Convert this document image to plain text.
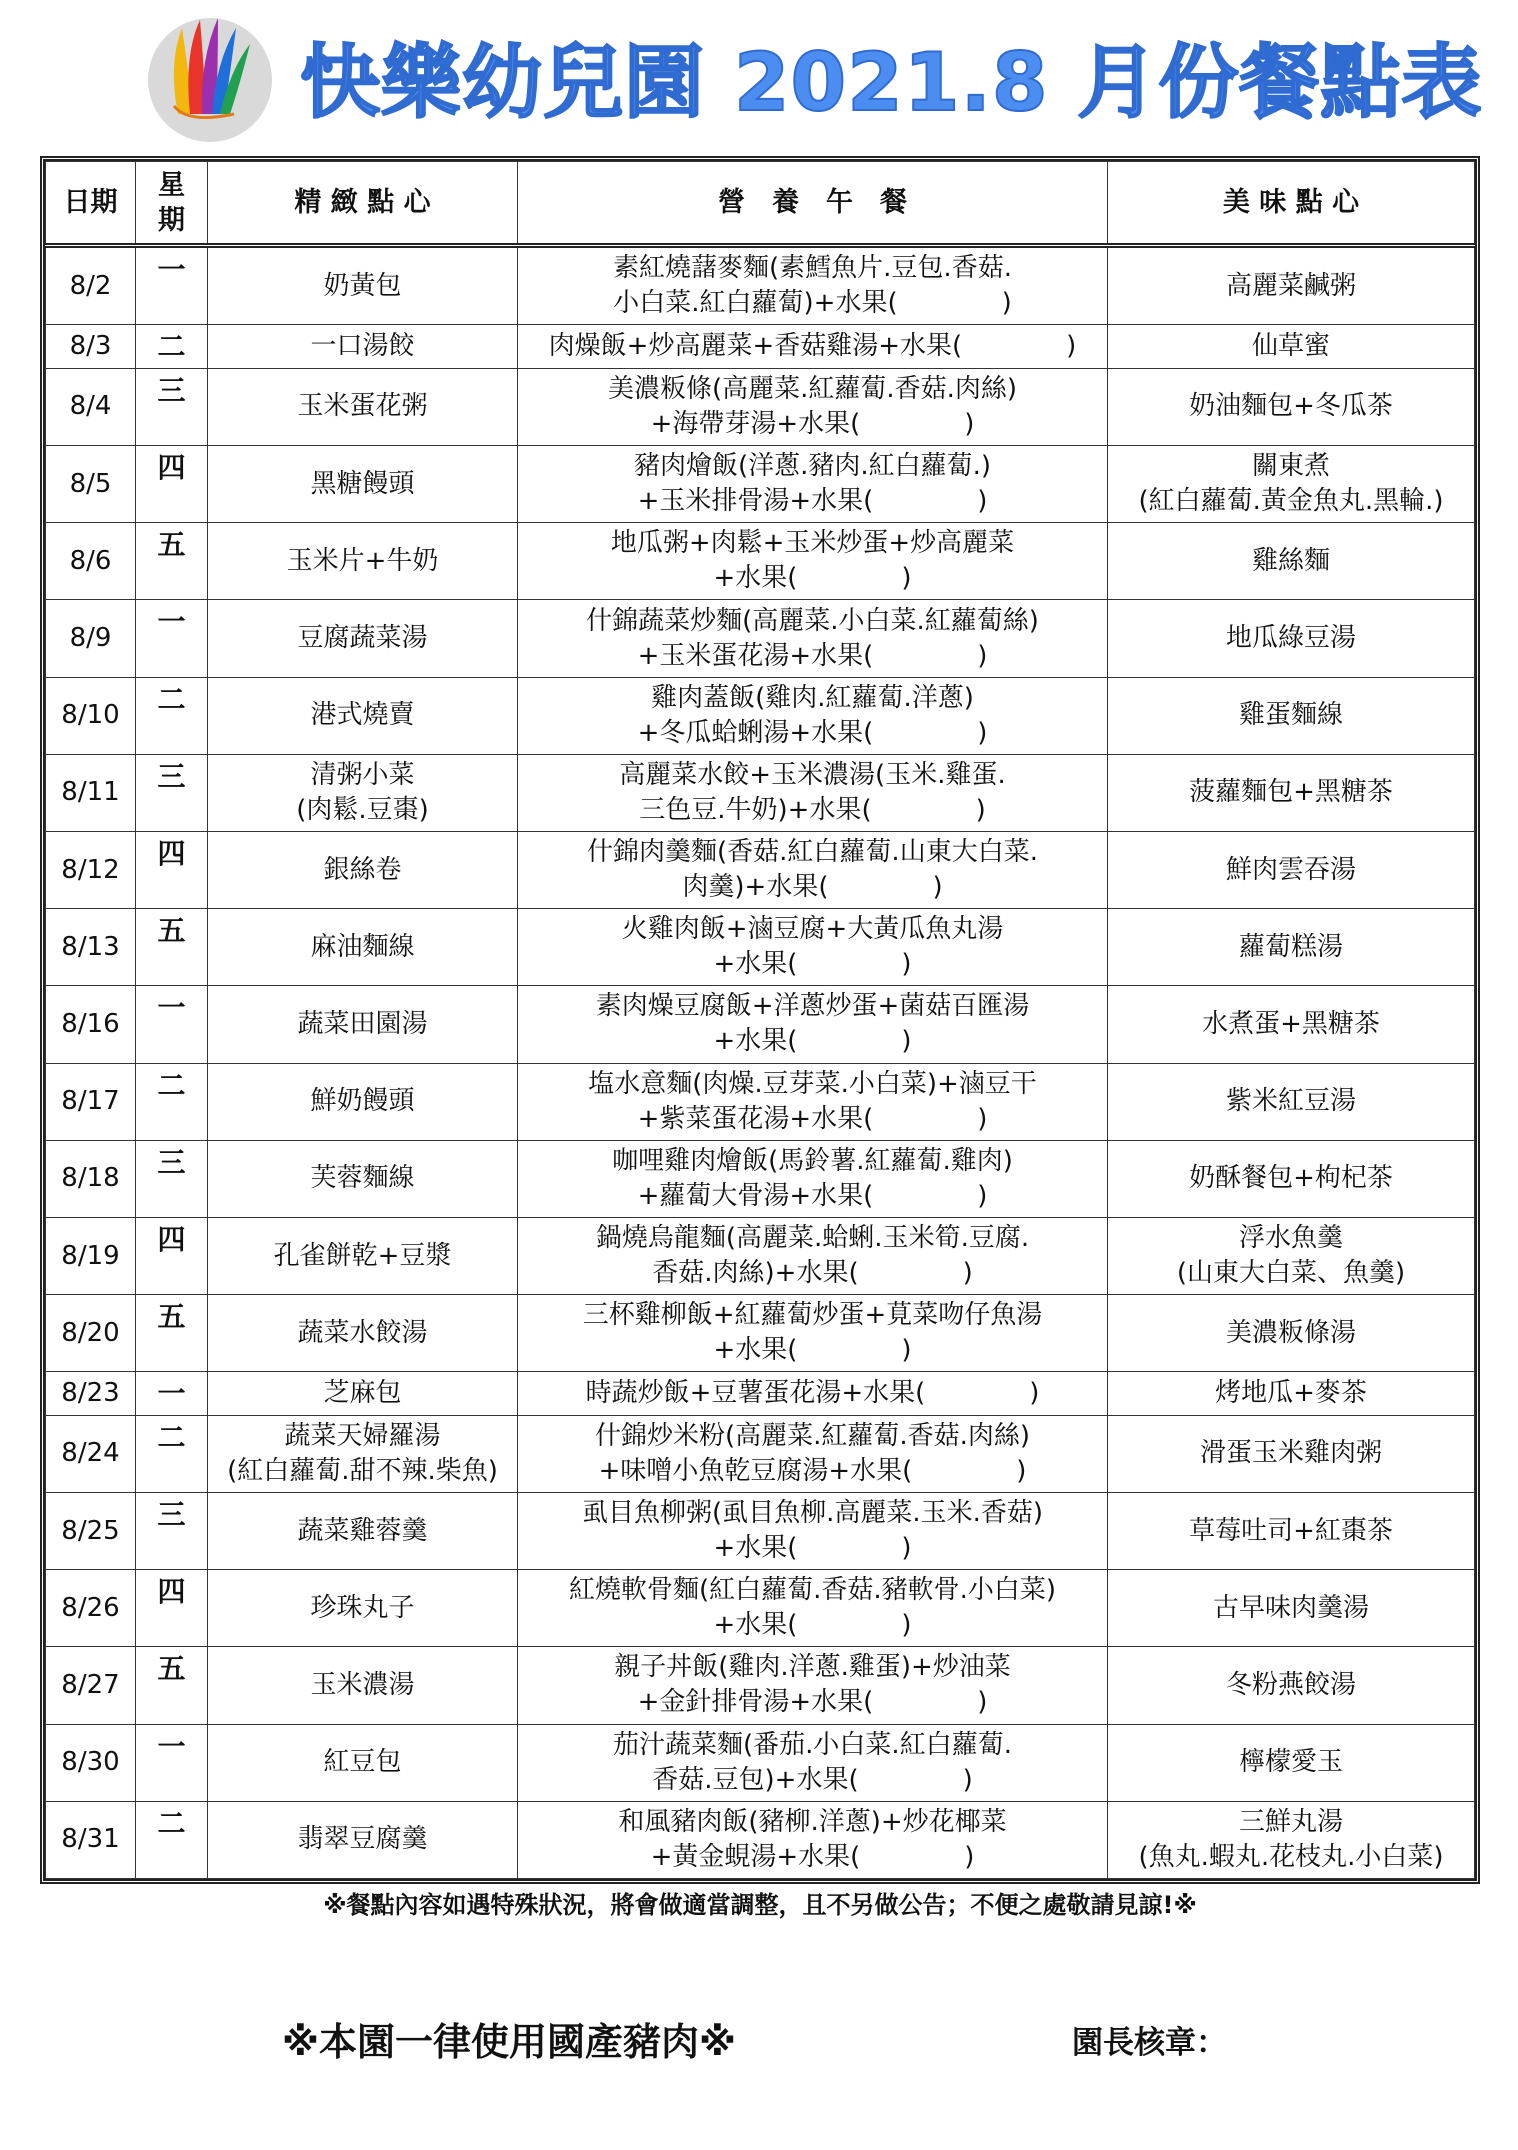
快樂幼兒園 2021.8 月份餐點表
日期	星
期	精 緻 點 心	營　養　午　餐	美 味 點 心
8/2	一	奶黃包	素紅燒藷麥麵(素鱈魚片.豆包.香菇.
小白菜.紅白蘿蔔)+水果(　　　　)	高麗菜鹹粥

8/3	二	一口湯餃	肉燥飯+炒高麗菜+香菇雞湯+水果(　　　　)	仙草蜜

8/4	三	玉米蛋花粥	美濃粄條(高麗菜.紅蘿蔔.香菇.肉絲)
+海帶芽湯+水果(　　　　)	奶油麵包+冬瓜茶

8/5	四	黑糖饅頭	豬肉燴飯(洋蔥.豬肉.紅白蘿蔔.)
+玉米排骨湯+水果(　　　　)	關東煮
(紅白蘿蔔.黃金魚丸.黑輪.)

8/6	五	玉米片+牛奶	地瓜粥+肉鬆+玉米炒蛋+炒高麗菜
+水果(　　　　)	雞絲麵

8/9	一	豆腐蔬菜湯	什錦蔬菜炒麵(高麗菜.小白菜.紅蘿蔔絲)
+玉米蛋花湯+水果(　　　　)	地瓜綠豆湯

8/10	二	港式燒賣	雞肉蓋飯(雞肉.紅蘿蔔.洋蔥)
+冬瓜蛤蜊湯+水果(　　　　)	雞蛋麵線

8/11	三	清粥小菜
(肉鬆.豆棗)	高麗菜水餃+玉米濃湯(玉米.雞蛋.
三色豆.牛奶)+水果(　　　　)	菠蘿麵包+黑糖茶

8/12	四	銀絲卷	什錦肉羹麵(香菇.紅白蘿蔔.山東大白菜.
肉羹)+水果(　　　　)	鮮肉雲吞湯

8/13	五	麻油麵線	火雞肉飯+滷豆腐+大黃瓜魚丸湯
+水果(　　　　)	蘿蔔糕湯

8/16	一	蔬菜田園湯	素肉燥豆腐飯+洋蔥炒蛋+菌菇百匯湯
+水果(　　　　)	水煮蛋+黑糖茶

8/17	二	鮮奶饅頭	塩水意麵(肉燥.豆芽菜.小白菜)+滷豆干
+紫菜蛋花湯+水果(　　　　)	紫米紅豆湯

8/18	三	芙蓉麵線	咖哩雞肉燴飯(馬鈴薯.紅蘿蔔.雞肉)
+蘿蔔大骨湯+水果(　　　　)	奶酥餐包+枸杞茶

8/19	四	孔雀餅乾+豆漿	鍋燒烏龍麵(高麗菜.蛤蜊.玉米筍.豆腐.
香菇.肉絲)+水果(　　　　)	浮水魚羹
(山東大白菜、魚羹)

8/20	五	蔬菜水餃湯	三杯雞柳飯+紅蘿蔔炒蛋+莧菜吻仔魚湯
+水果(　　　　)	美濃粄條湯

8/23	一	芝麻包	時蔬炒飯+豆薯蛋花湯+水果(　　　　)	烤地瓜+麥茶

8/24	二	蔬菜天婦羅湯
(紅白蘿蔔.甜不辣.柴魚)	什錦炒米粉(高麗菜.紅蘿蔔.香菇.肉絲)
+味噌小魚乾豆腐湯+水果(　　　　)	滑蛋玉米雞肉粥

8/25	三	蔬菜雞蓉羹	虱目魚柳粥(虱目魚柳.高麗菜.玉米.香菇)
+水果(　　　　)	草莓吐司+紅棗茶

8/26	四	珍珠丸子	紅燒軟骨麵(紅白蘿蔔.香菇.豬軟骨.小白菜)
+水果(　　　　)	古早味肉羹湯

8/27	五	玉米濃湯	親子丼飯(雞肉.洋蔥.雞蛋)+炒油菜
+金針排骨湯+水果(　　　　)	冬粉燕餃湯

8/30	一	紅豆包	茄汁蔬菜麵(番茄.小白菜.紅白蘿蔔.
香菇.豆包)+水果(　　　　)	檸檬愛玉

8/31	二	翡翠豆腐羹	和風豬肉飯(豬柳.洋蔥)+炒花椰菜
+黃金蜆湯+水果(　　　　)	三鮮丸湯
(魚丸.蝦丸.花枝丸.小白菜)
※餐點內容如遇特殊狀況，將會做適當調整，且不另做公告；不便之處敬請見諒!※
※本園一律使用國產豬肉※	園長核章：
